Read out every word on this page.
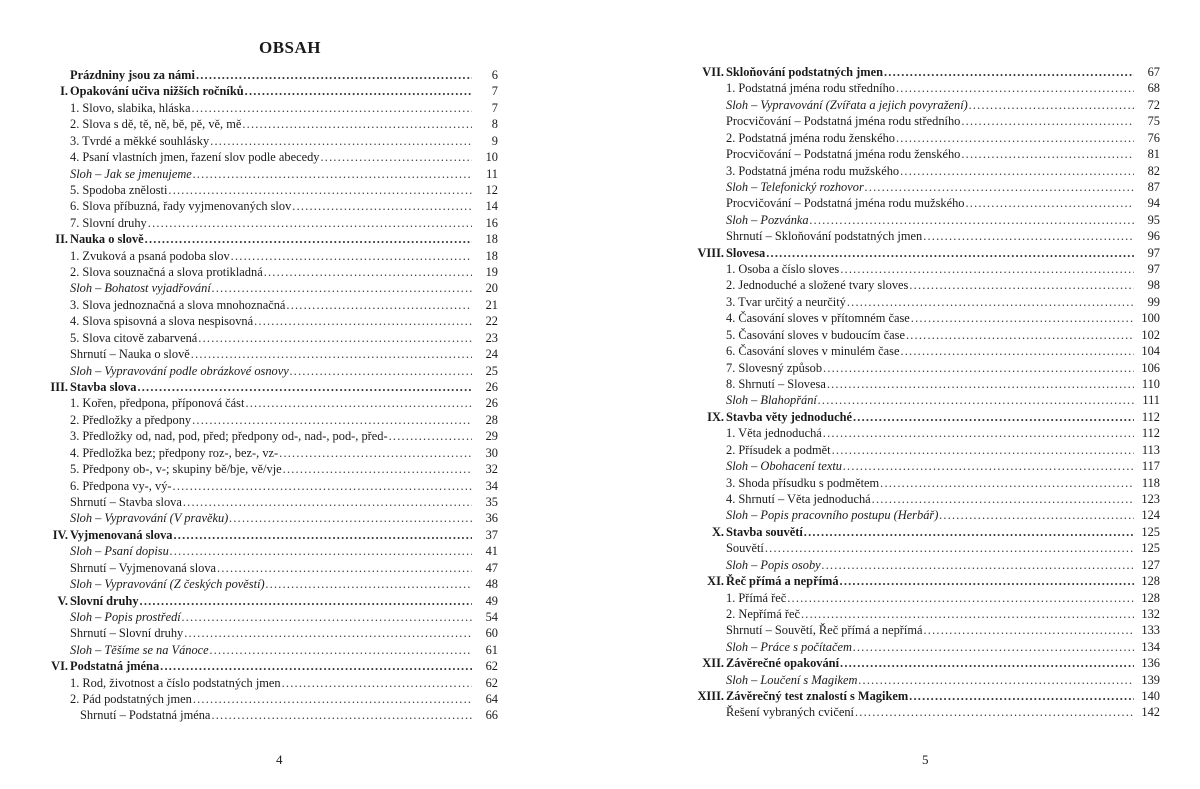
OBSAH
Prázdniny jsou za námi .....	6
I. Opakování učiva nižších ročníků .....	7
1. Slovo, slabika, hláska .....	7
2. Slova s dě, tě, ně, bě, pě, vě, mě .....	8
3. Tvrdé a měkké souhlásky .....	9
4. Psaní vlastních jmen, řazení slov podle abecedy .....	10
Sloh – Jak se jmenujeme .....	11
5. Spodoba znělosti .....	12
6. Slova příbuzná, řady vyjmenovaných slov .....	14
7. Slovní druhy .....	16
II. Nauka o slově .....	18
1. Zvuková a psaná podoba slov .....	18
2. Slova souznačná a slova protikladná .....	19
Sloh – Bohatost vyjadřování .....	20
3. Slova jednoznačná a slova mnohoznačná .....	21
4. Slova spisovná a slova nespisovná .....	22
5. Slova citově zabarvená .....	23
Shrnutí – Nauka o slově .....	24
Sloh – Vypravování podle obrázkové osnovy .....	25
III. Stavba slova .....	26
1. Kořen, předpona, příponová část .....	26
2. Předložky a předpony .....	28
3. Předložky od, nad, pod, před; předpony od-, nad-, pod-, před- .....	29
4. Předložka bez; předpony roz-, bez-, vz- .....	30
5. Předpony ob-, v-; skupiny bě/bje, vě/vje .....	32
6. Předpona vy-, vý- .....	34
Shrnutí – Stavba slova .....	35
Sloh – Vypravování (V pravěku) .....	36
IV. Vyjmenovaná slova .....	37
Sloh – Psaní dopisu .....	41
Shrnutí – Vyjmenovaná slova .....	47
Sloh – Vypravování (Z českých pověstí) .....	48
V. Slovní druhy .....	49
Sloh – Popis prostředí .....	54
Shrnutí – Slovní druhy .....	60
Sloh – Těšíme se na Vánoce .....	61
VI. Podstatná jména .....	62
1. Rod, životnost a číslo podstatných jmen .....	62
2. Pád podstatných jmen .....	64
Shrnutí – Podstatná jména .....	66
4
VII. Skloňování podstatných jmen .....	67
1. Podstatná jména rodu středního .....	68
Sloh – Vypravování (Zvířata a jejich povyražení) .....	72
Procvičování – Podstatná jména rodu středního .....	75
2. Podstatná jména rodu ženského .....	76
Procvičování – Podstatná jména rodu ženského .....	81
3. Podstatná jména rodu mužského .....	82
Sloh – Telefonický rozhovor .....	87
Procvičování – Podstatná jména rodu mužského .....	94
Sloh – Pozvánka .....	95
Shrnutí – Skloňování podstatných jmen .....	96
VIII. Slovesa .....	97
1. Osoba a číslo sloves .....	97
2. Jednoduché a složené tvary sloves .....	98
3. Tvar určitý a neurčitý .....	99
4. Časování sloves v přítomném čase .....	100
5. Časování sloves v budoucím čase .....	102
6. Časování sloves v minulém čase .....	104
7. Slovesný způsob .....	106
8. Shrnutí – Slovesa .....	110
Sloh – Blahopřání .....	111
IX. Stavba věty jednoduché .....	112
1. Věta jednoduchá .....	112
2. Přísudek a podmět .....	113
Sloh – Obohacení textu .....	117
3. Shoda přísudku s podmětem .....	118
4. Shrnutí – Věta jednoduchá .....	123
Sloh – Popis pracovního postupu (Herbář) .....	124
X. Stavba souvětí .....	125
Souvětí .....	125
Sloh – Popis osoby .....	127
XI. Řeč přímá a nepřímá .....	128
1. Přímá řeč .....	128
2. Nepřímá řeč .....	132
Shrnutí – Souvětí, Řeč přímá a nepřímá .....	133
Sloh – Práce s počítačem .....	134
XII. Závěrečné opakování .....	136
Sloh – Loučení s Magikem .....	139
XIII. Závěrečný test znalostí s Magikem .....	140
Řešení vybraných cvičení .....	142
5
